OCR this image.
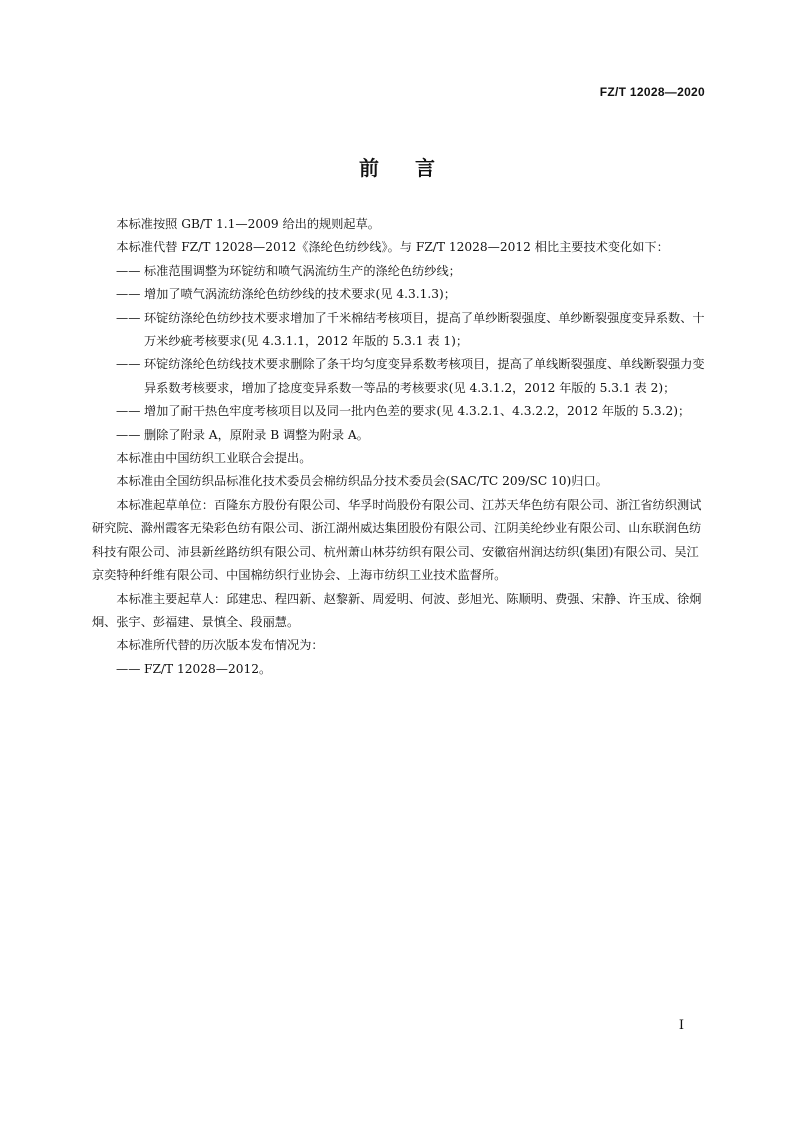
FZ/T 12028—2020
前言

本标准按照 GB/T 1.1—2009 给出的规则起草。

本标准代替 FZ/T 12028—2012《涤纶色纺纱线》。与 FZ/T 12028—2012 相比主要技术变化如下：

—— 标准范围调整为环锭纺和喷气涡流纺生产的涤纶色纺纱线；

—— 增加了喷气涡流纺涤纶色纺纱线的技术要求(见 4.3.1.3)；

—— 环锭纺涤纶色纺纱技术要求增加了千米棉结考核项目，提高了单纱断裂强度、单纱断裂强度变异系数、十万米纱疵考核要求(见 4.3.1.1，2012 年版的 5.3.1 表 1)；

—— 环锭纺涤纶色纺线技术要求删除了条干均匀度变异系数考核项目，提高了单线断裂强度、单线断裂强力变异系数考核要求，增加了捻度变异系数一等品的考核要求(见 4.3.1.2，2012 年版的 5.3.1 表 2)；

—— 增加了耐干热色牢度考核项目以及同一批内色差的要求(见 4.3.2.1、4.3.2.2，2012 年版的 5.3.2)；

—— 删除了附录 A，原附录 B 调整为附录 A。

本标准由中国纺织工业联合会提出。

本标准由全国纺织品标准化技术委员会棉纺织品分技术委员会(SAC/TC 209/SC 10)归口。

本标准起草单位：百隆东方股份有限公司、华孚时尚股份有限公司、江苏天华色纺有限公司、浙江省纺织测试研究院、滁州霞客无染彩色纺有限公司、浙江湖州威达集团股份有限公司、江阴美纶纱业有限公司、山东联润色纺科技有限公司、沛县新丝路纺织有限公司、杭州萧山林芬纺织有限公司、安徽宿州润达纺织(集团)有限公司、吴江京奕特种纤维有限公司、中国棉纺织行业协会、上海市纺织工业技术监督所。

本标准主要起草人：邱建忠、程四新、赵黎新、周爱明、何波、彭旭光、陈顺明、费强、宋静、许玉成、徐炯炯、张宇、彭福建、景慎全、段丽慧。

本标准所代替的历次版本发布情况为：

—— FZ/T 12028—2012。

I
